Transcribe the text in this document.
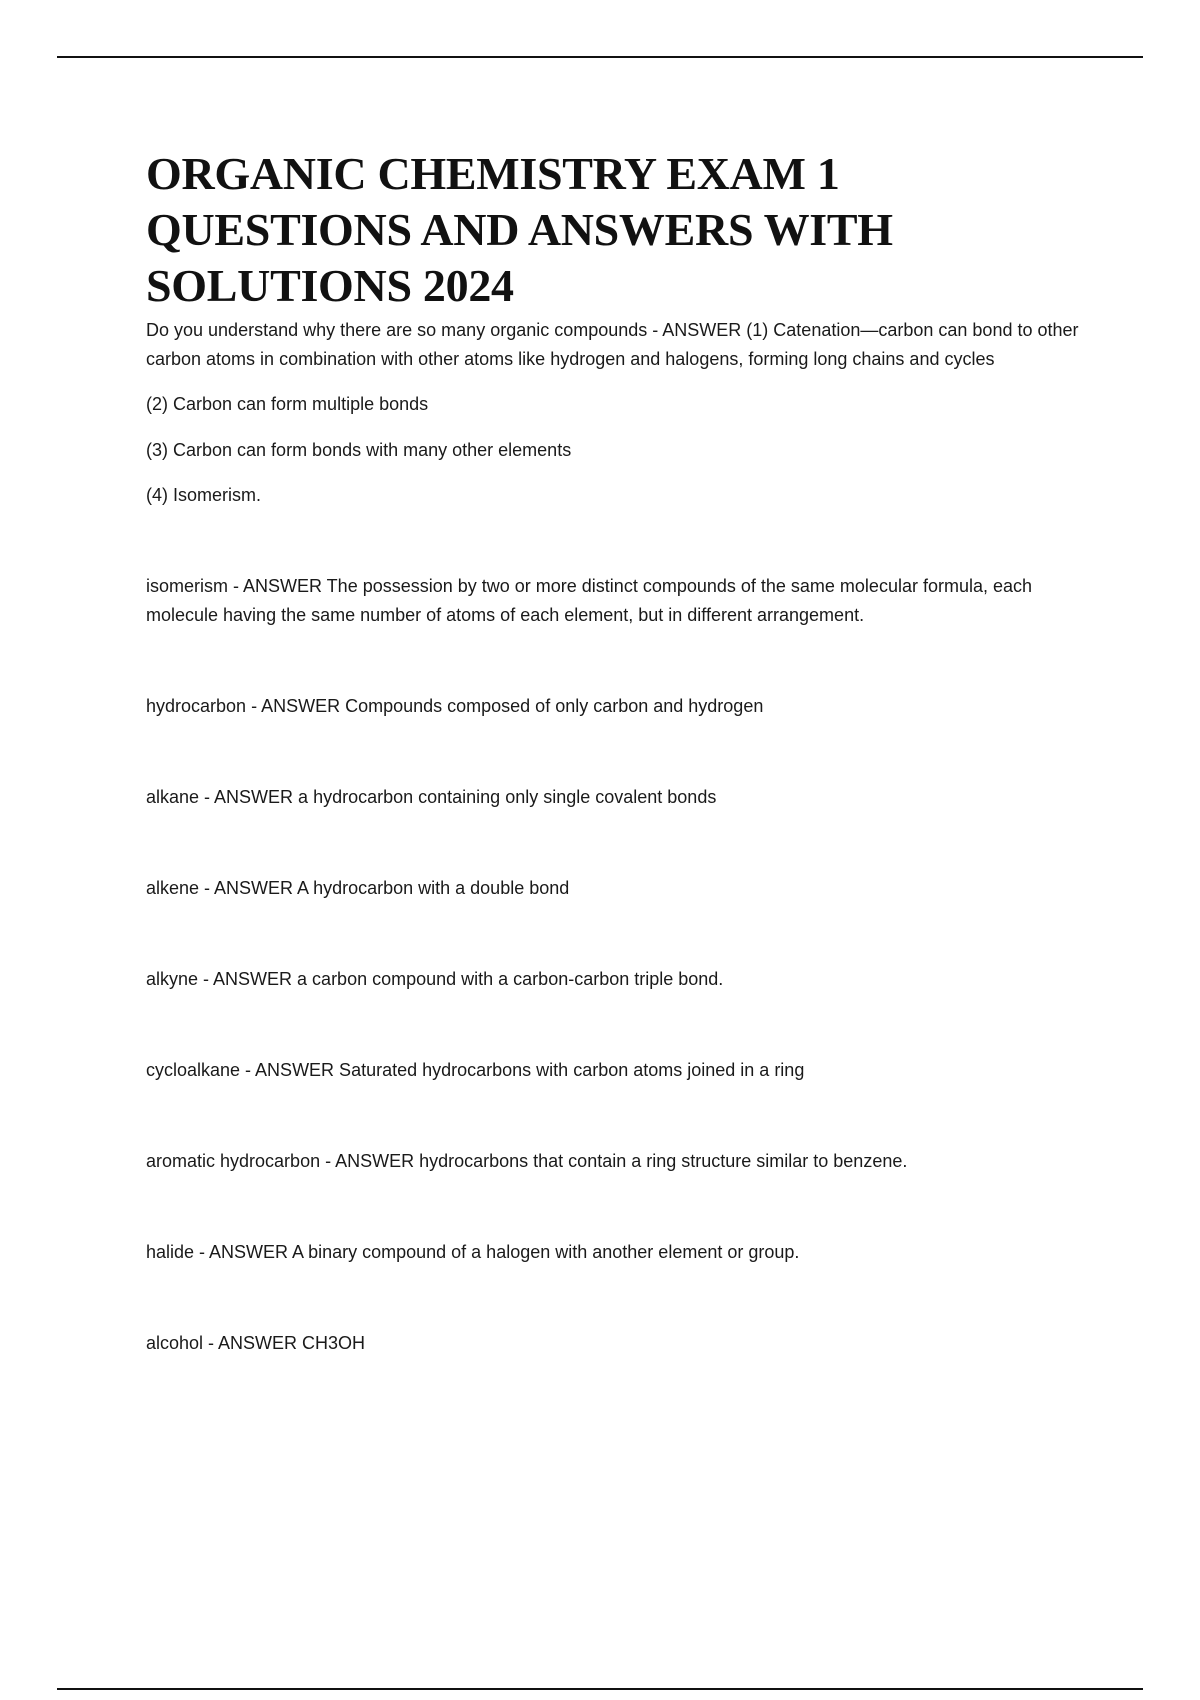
ORGANIC CHEMISTRY EXAM 1
QUESTIONS AND ANSWERS WITH
SOLUTIONS 2024

Do you understand why there are so many organic compounds - ANSWER (1) Catenation—carbon can bond to other carbon atoms in combination with other atoms like hydrogen and halogens, forming long chains and cycles

(2) Carbon can form multiple bonds

(3) Carbon can form bonds with many other elements

(4) Isomerism.

isomerism - ANSWER The possession by two or more distinct compounds of the same molecular formula, each molecule having the same number of atoms of each element, but in different arrangement.

hydrocarbon - ANSWER Compounds composed of only carbon and hydrogen

alkane - ANSWER a hydrocarbon containing only single covalent bonds

alkene - ANSWER A hydrocarbon with a double bond

alkyne - ANSWER a carbon compound with a carbon-carbon triple bond.

cycloalkane - ANSWER Saturated hydrocarbons with carbon atoms joined in a ring

aromatic hydrocarbon - ANSWER hydrocarbons that contain a ring structure similar to benzene.

halide - ANSWER A binary compound of a halogen with another element or group.

alcohol - ANSWER CH3OH
